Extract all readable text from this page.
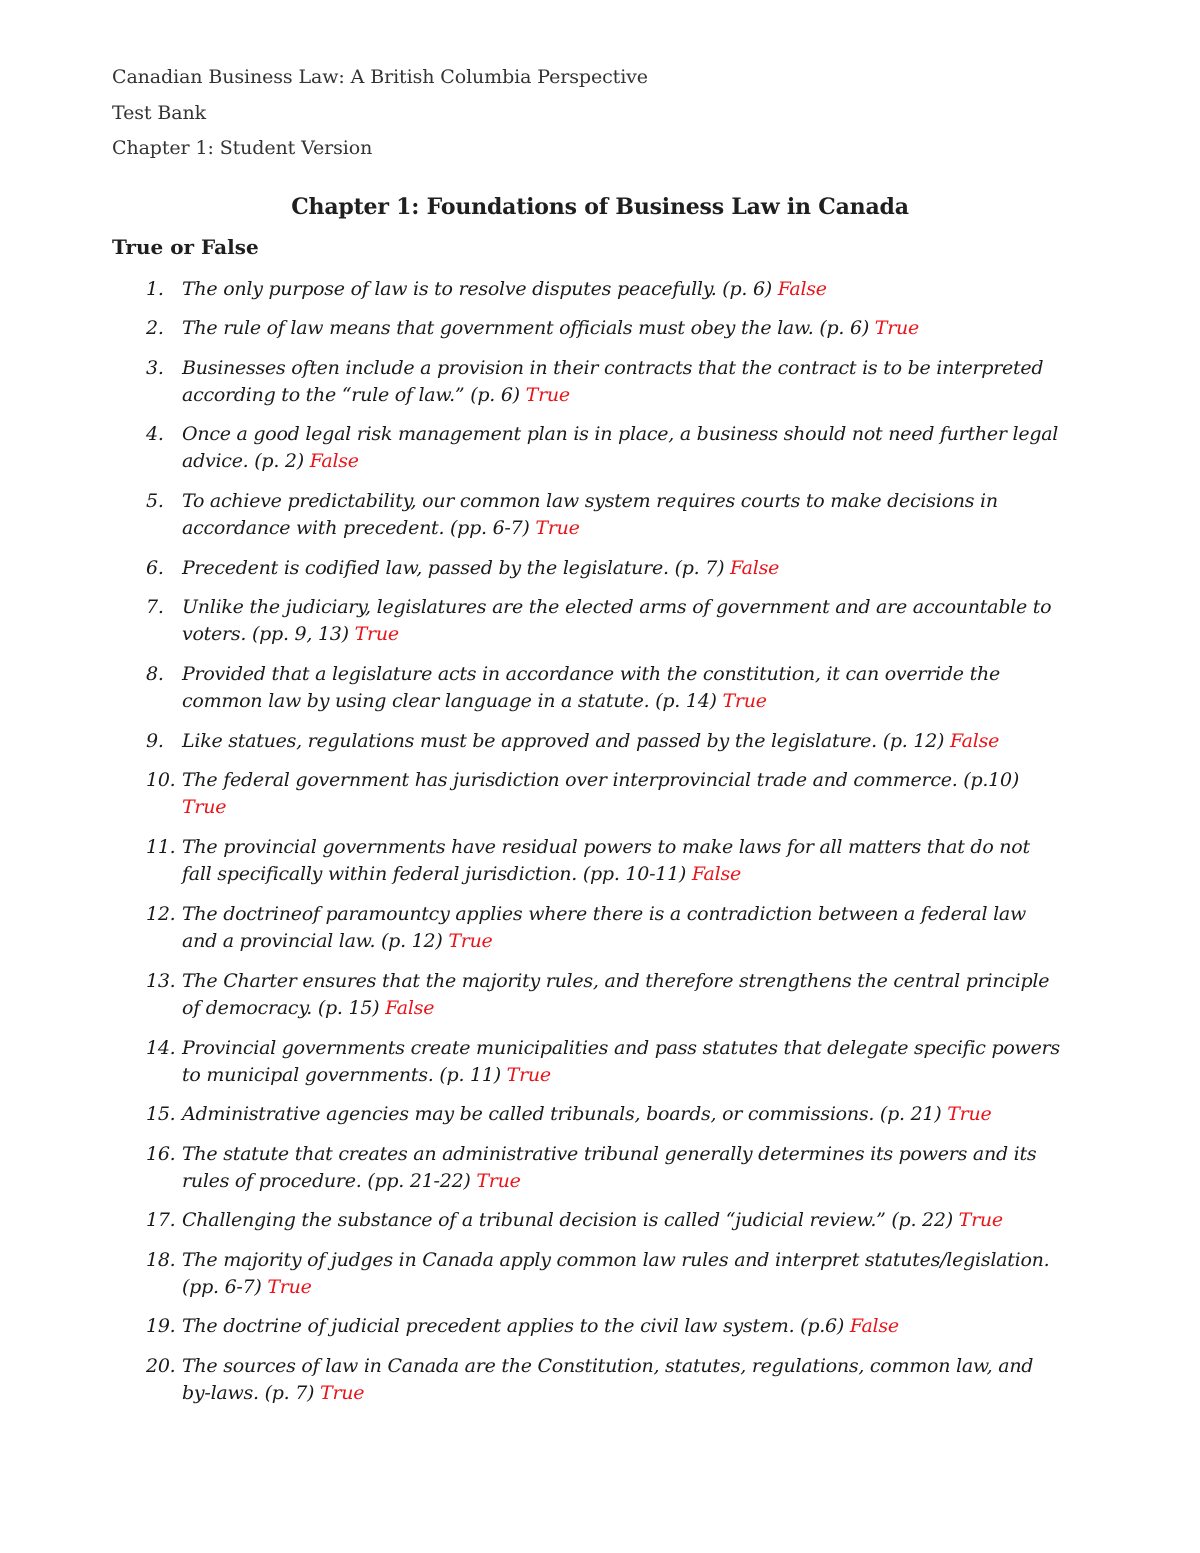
Canadian Business Law: A British Columbia Perspective
Test Bank
Chapter 1: Student Version
Chapter 1: Foundations of Business Law in Canada
True or False
1. The only purpose of law is to resolve disputes peacefully. (p. 6) False
2. The rule of law means that government officials must obey the law. (p. 6) True
3. Businesses often include a provision in their contracts that the contract is to be interpreted
according to the “rule of law.” (p. 6) True
4. Once a good legal risk management plan is in place, a business should not need further legal
advice. (p. 2) False
5. To achieve predictability, our common law system requires courts to make decisions in
accordance with precedent. (pp. 6-7) True
6. Precedent is codified law, passed by the legislature. (p. 7) False
7. Unlike the judiciary, legislatures are the elected arms of government and are accountable to
voters. (pp. 9, 13) True
8. Provided that a legislature acts in accordance with the constitution, it can override the
common law by using clear language in a statute. (p. 14) True
9. Like statues, regulations must be approved and passed by the legislature. (p. 12) False
10. The federal government has jurisdiction over interprovincial trade and commerce. (p.10)
True
11. The provincial governments have residual powers to make laws for all matters that do not
fall specifically within federal jurisdiction. (pp. 10-11) False
12. The doctrineof paramountcy applies where there is a contradiction between a federal law
and a provincial law. (p. 12) True
13. The Charter ensures that the majority rules, and therefore strengthens the central principle
of democracy. (p. 15) False
14. Provincial governments create municipalities and pass statutes that delegate specific powers
to municipal governments. (p. 11) True
15. Administrative agencies may be called tribunals, boards, or commissions. (p. 21) True
16. The statute that creates an administrative tribunal generally determines its powers and its
rules of procedure. (pp. 21-22) True
17. Challenging the substance of a tribunal decision is called “judicial review.” (p. 22) True
18. The majority of judges in Canada apply common law rules and interpret statutes/legislation.
(pp. 6-7) True
19. The doctrine of judicial precedent applies to the civil law system. (p.6) False
20. The sources of law in Canada are the Constitution, statutes, regulations, common law, and
by-laws. (p. 7) True
